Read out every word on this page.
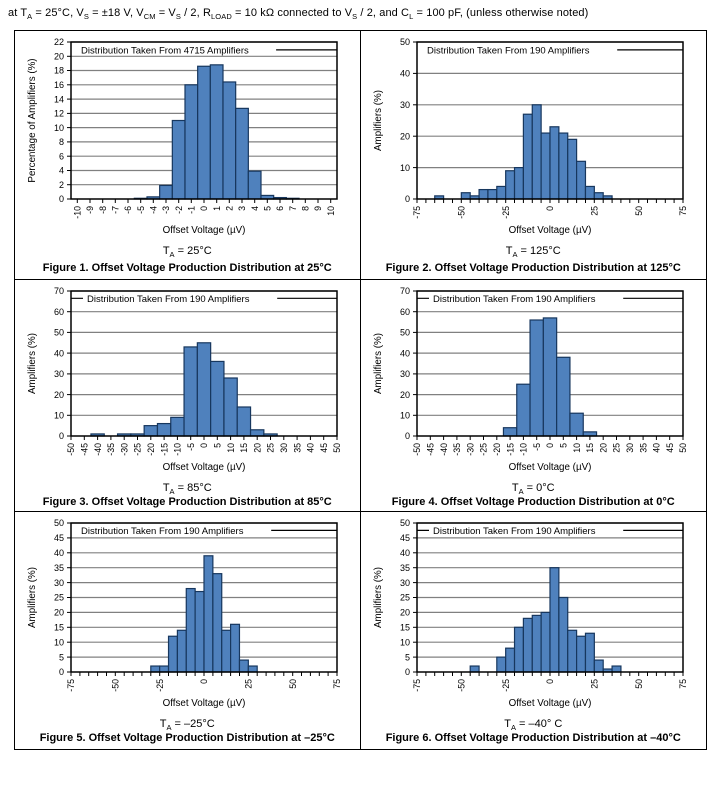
at $T_A = 25^\circ C$, $V_S = \pm 18$ V, $V_{CM} = V_S / 2$, $R_{LOAD} = 10$ kΩ connected to $V_S / 2$, and $C_L = 100$ pF, (unless otherwise noted)
Distribution Taken From 4715 Amplifiers
0
2
4
6
8
10
12
14
16
18
20
22
-10 -9 -8 -7 -6 -5 -4 -3 -2 -1 0 1 2 3 4 5 6 7 8 9 10
Offset Voltage (µV)
Percentage of Amplifiers (%)
$T_A = 25^\circ C$
Figure 1. Offset Voltage Production Distribution at 25°C
Distribution Taken From 190 Amplifiers
0
10
20
30
40
50
-75	-50	-25	0	25	50	75
Offset Voltage (µV)
Amplifiers (%)
$T_A = 125^\circ C$
Figure 2. Offset Voltage Production Distribution at 125°C
Distribution Taken From 190 Amplifiers
0
10
20
30
40
50
60
70
-50 -45 -40 -35 -30 -25 -20 -15 -10 -5 0 5 10 15 20 25 30 35 40 45 50
Offset Voltage (µV)
Amplifiers (%)
$T_A = 85^\circ C$
Figure 3. Offset Voltage Production Distribution at 85°C
Distribution Taken From 190 Amplifiers
0
10
20
30
40
50
60
70
-50 -45 -40 -35 -30 -25 -20 -15 -10 -5 0 5 10 15 20 25 30 35 40 45 50
Offset Voltage (µV)
Amplifiers (%)
$T_A = 0^\circ C$
Figure 4. Offset Voltage Production Distribution at 0°C
Distribution Taken From 190 Amplifiers
0
5
10
15
20
25
30
35
40
45
50
-75	-50	-25	0	25	50	75
Offset Voltage (µV)
Amplifiers (%)
$T_A = -25^\circ C$
Figure 5. Offset Voltage Production Distribution at –25°C
Distribution Taken From 190 Amplifiers
0
5
10
15
20
25
30
35
40
45
50
-75	-50	-25	0	25	50	75
Offset Voltage (µV)
Amplifiers (%)
$T_A = -40^\circ$ C
Figure 6. Offset Voltage Production Distribution at –40°C
